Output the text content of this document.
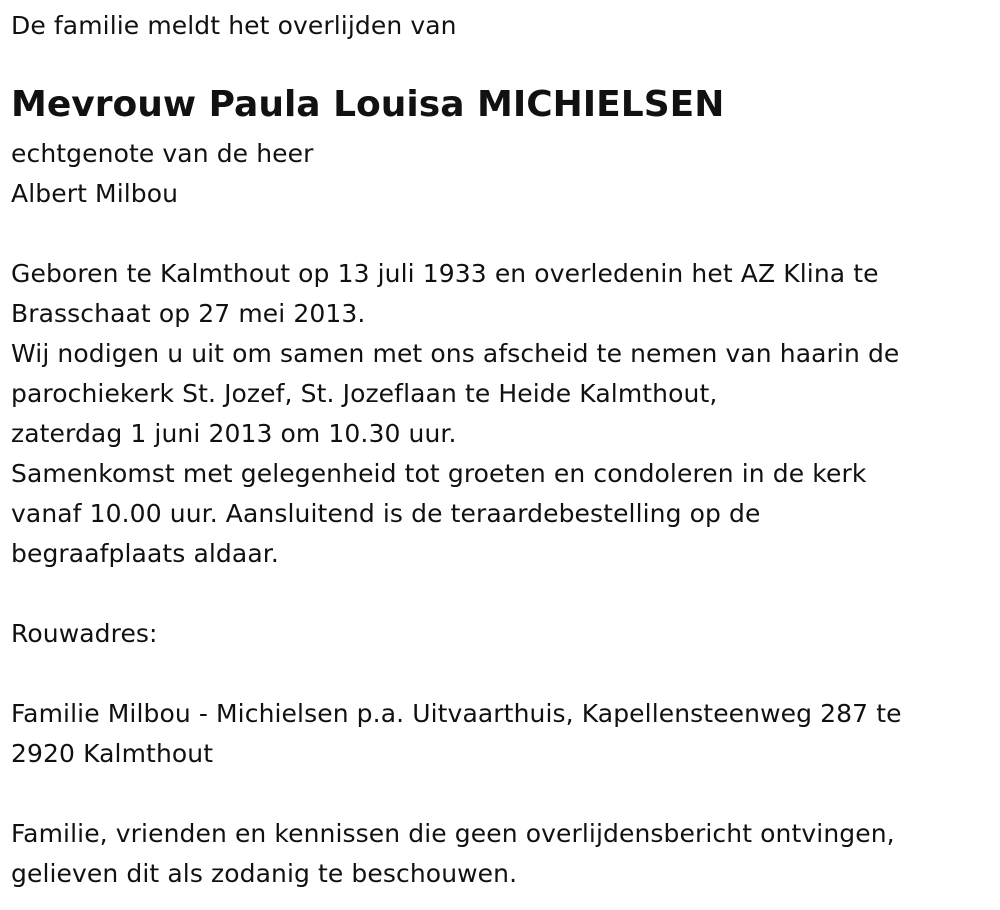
De familie meldt het overlijden van
Mevrouw Paula Louisa MICHIELSEN
echtgenote van de heer
Albert Milbou
Geboren te Kalmthout op 13 juli 1933 en overledenin het AZ Klina te
Brasschaat op 27 mei 2013.
Wij nodigen u uit om samen met ons afscheid te nemen van haarin de
parochiekerk St. Jozef, St. Jozeflaan te Heide Kalmthout,
zaterdag 1 juni 2013 om 10.30 uur.
Samenkomst met gelegenheid tot groeten en condoleren in de kerk
vanaf 10.00 uur. Aansluitend is de teraardebestelling op de
begraafplaats aldaar.
Rouwadres:
Familie Milbou - Michielsen p.a. Uitvaarthuis, Kapellensteenweg 287 te
2920 Kalmthout
Familie, vrienden en kennissen die geen overlijdensbericht ontvingen,
gelieven dit als zodanig te beschouwen.
